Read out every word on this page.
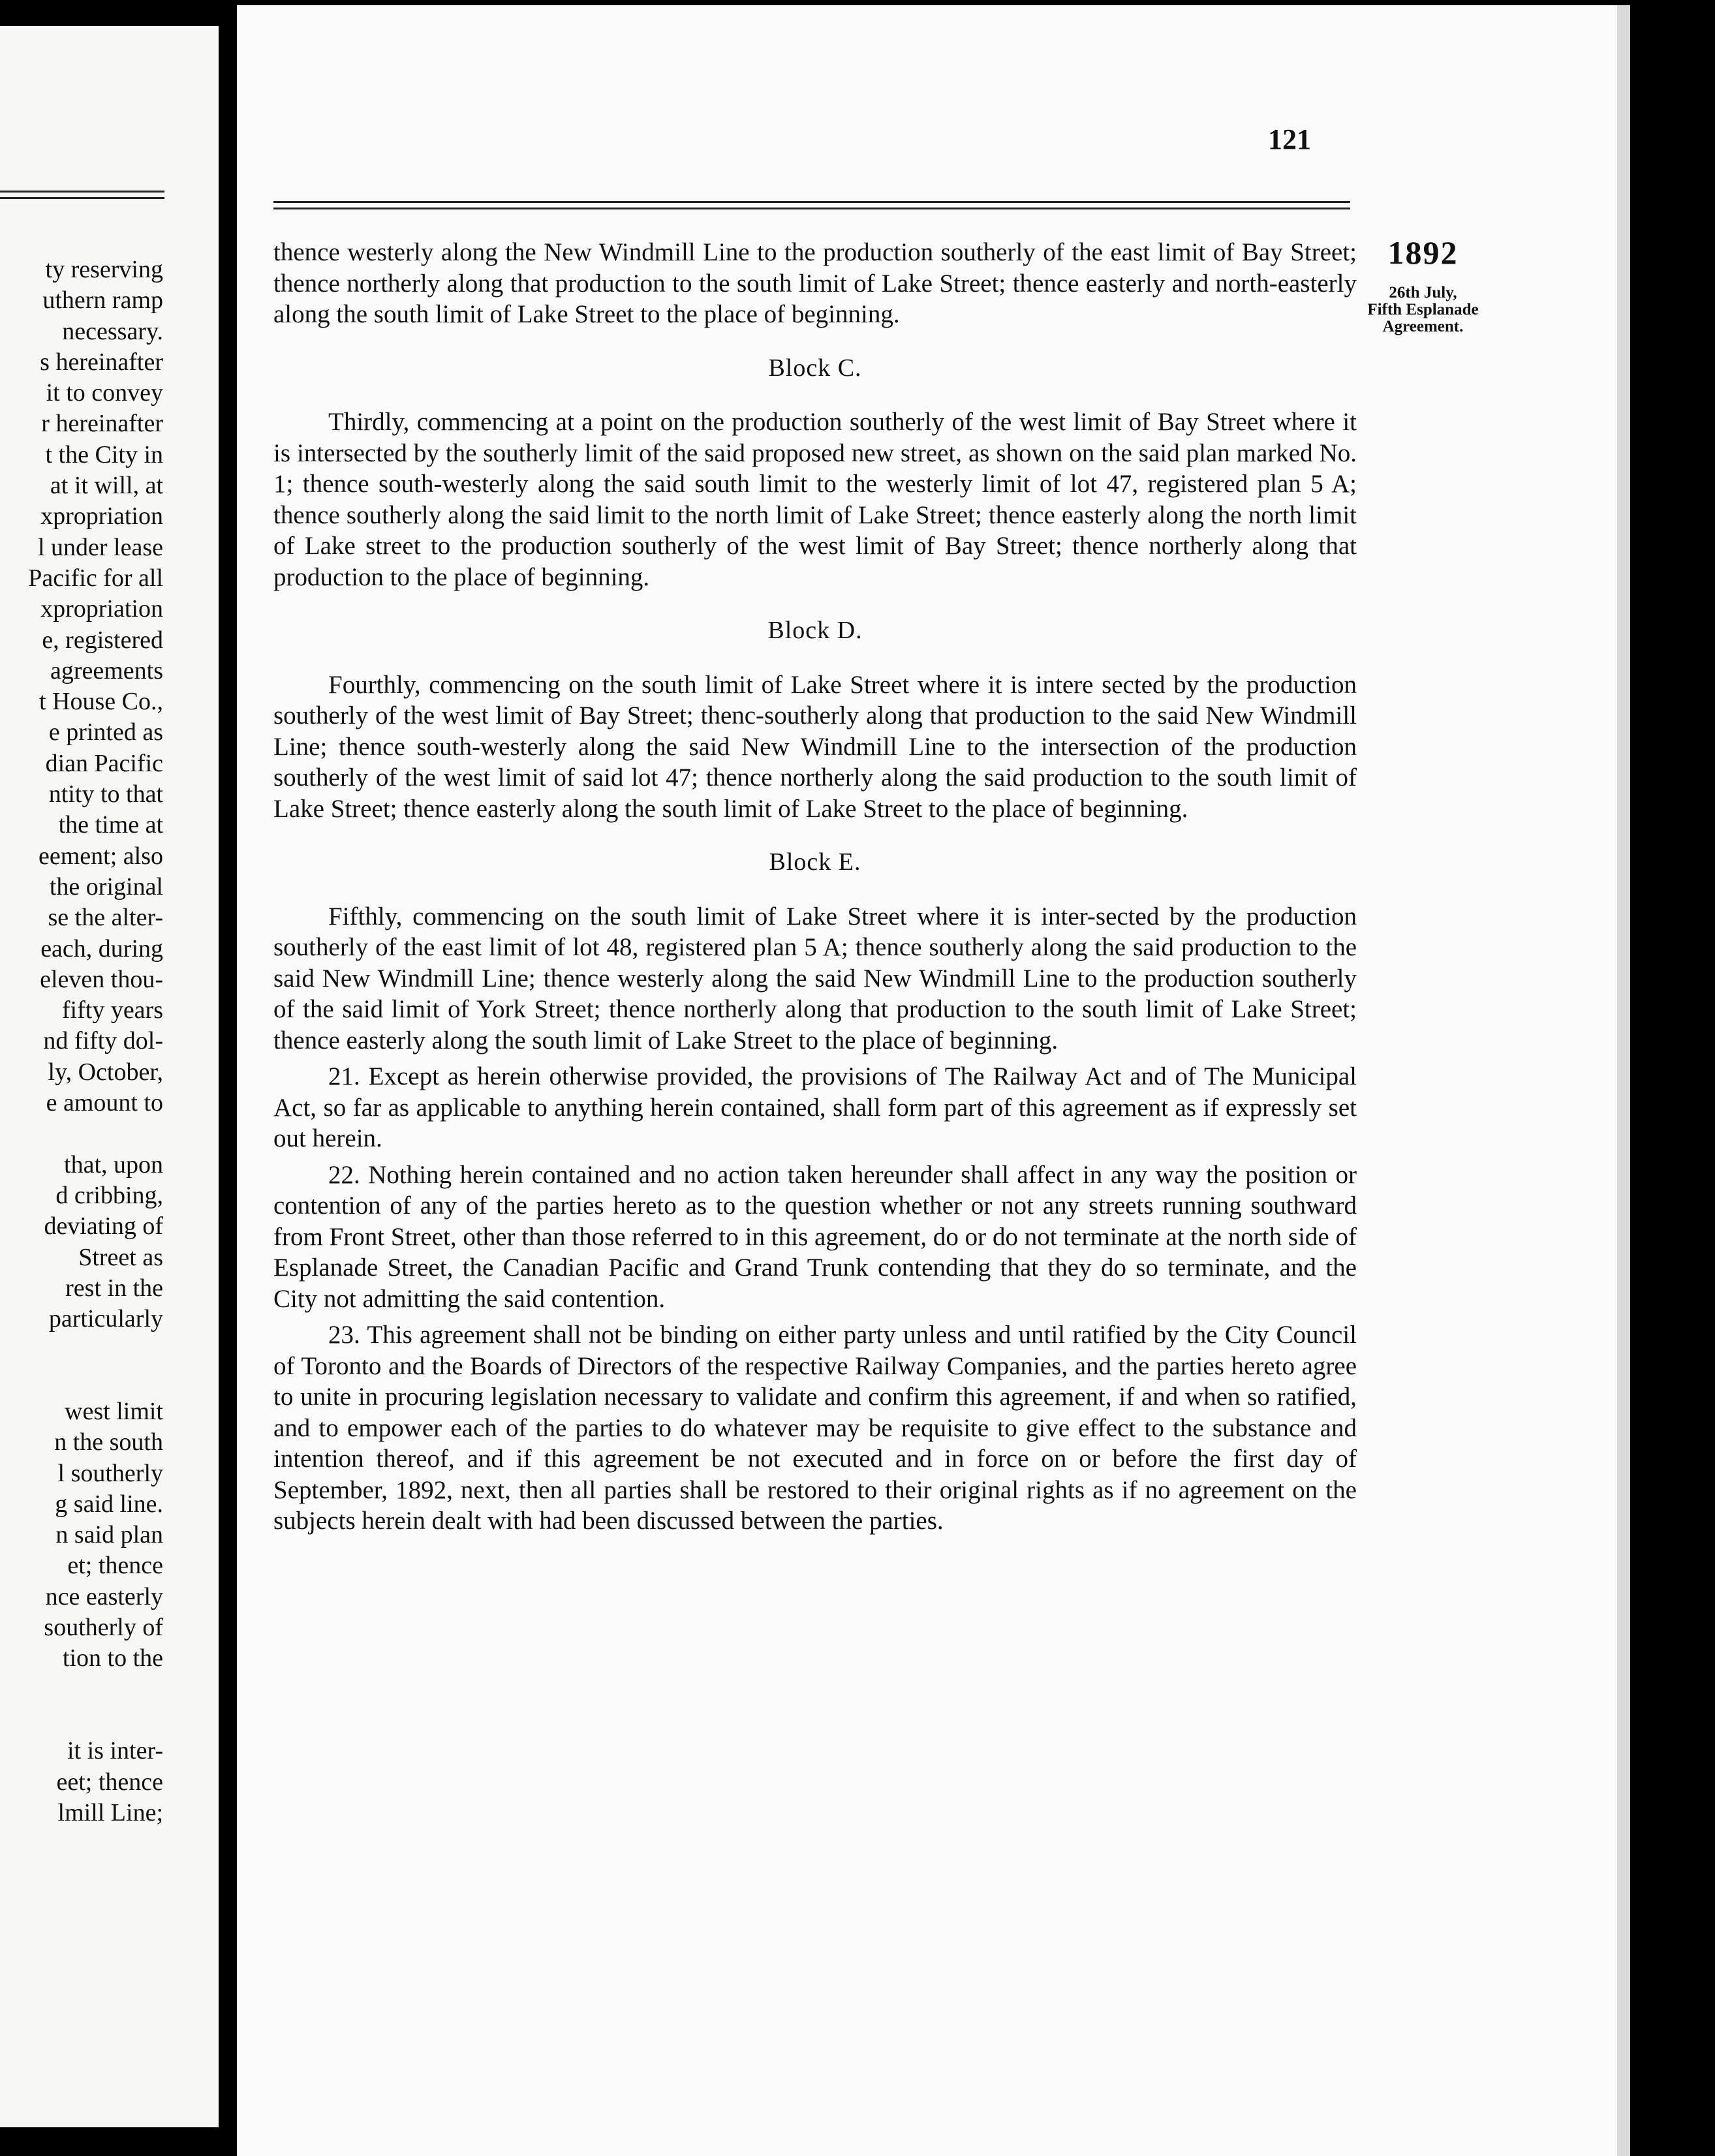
ty reserving
uthern ramp
necessary.
s hereinafter
it to convey
r hereinafter
t the City in
at it will, at
xpropriation
l under lease
Pacific for all
xpropriation
e, registered
agreements
t House Co.,
e printed as
dian Pacific
ntity to that
the time at
eement; also
the original
se the alter-
each, during
eleven thou-
fifty years
nd fifty dol-
ly, October,
e amount to

that, upon
d cribbing,
deviating of
Street as
rest in the
particularly

west limit
n the south
l southerly
g said line.
n said plan
et; thence
nce easterly
southerly of
tion to the

it is inter-
eet; thence
lmill Line;
121

thence westerly along the New Windmill Line to the production southerly of the east limit of Bay Street; thence northerly along that production to the south limit of Lake Street; thence easterly and north-easterly along the south limit of Lake Street to the place of beginning.

Block C.

Thirdly, commencing at a point on the production southerly of the west limit of Bay Street where it is intersected by the southerly limit of the said proposed new street, as shown on the said plan marked No. 1; thence south-westerly along the said south limit to the westerly limit of lot 47, registered plan 5 A; thence southerly along the said limit to the north limit of Lake Street; thence easterly along the north limit of Lake street to the production southerly of the west limit of Bay Street; thence northerly along that production to the place of beginning.

Block D.

Fourthly, commencing on the south limit of Lake Street where it is intere sected by the production southerly of the west limit of Bay Street; thenc-southerly along that production to the said New Windmill Line; thence south-westerly along the said New Windmill Line to the intersection of the production southerly of the west limit of said lot 47; thence northerly along the said production to the south limit of Lake Street; thence easterly along the south limit of Lake Street to the place of beginning.

Block E.

Fifthly, commencing on the south limit of Lake Street where it is inter-sected by the production southerly of the east limit of lot 48, registered plan 5 A; thence southerly along the said production to the said New Windmill Line; thence westerly along the said New Windmill Line to the production southerly of the said limit of York Street; thence northerly along that production to the south limit of Lake Street; thence easterly along the south limit of Lake Street to the place of beginning.

21. Except as herein otherwise provided, the provisions of The Railway Act and of The Municipal Act, so far as applicable to anything herein contained, shall form part of this agreement as if expressly set out herein.

22. Nothing herein contained and no action taken hereunder shall affect in any way the position or contention of any of the parties hereto as to the question whether or not any streets running southward from Front Street, other than those referred to in this agreement, do or do not terminate at the north side of Esplanade Street, the Canadian Pacific and Grand Trunk contending that they do so terminate, and the City not admitting the said contention.

23. This agreement shall not be binding on either party unless and until ratified by the City Council of Toronto and the Boards of Directors of the respective Railway Companies, and the parties hereto agree to unite in procuring legislation necessary to validate and confirm this agreement, if and when so ratified, and to empower each of the parties to do whatever may be requisite to give effect to the substance and intention thereof, and if this agreement be not executed and in force on or before the first day of September, 1892, next, then all parties shall be restored to their original rights as if no agreement on the subjects herein dealt with had been discussed between the parties.

1892
26th July,
Fifth Esplanade
Agreement.
